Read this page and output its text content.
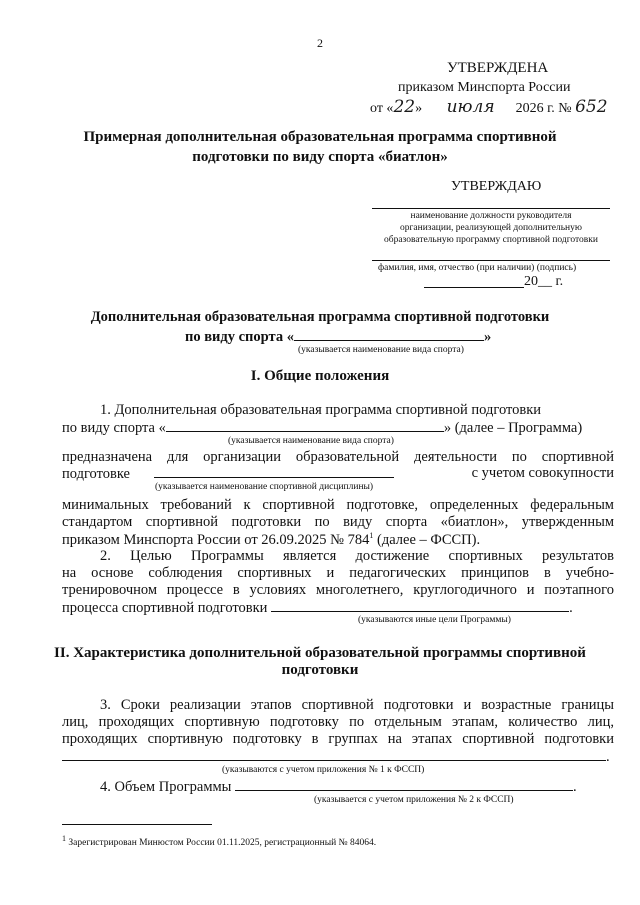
2
УТВЕРЖДЕНА
приказом Минспорта России
от «22» июля 2026 г. № 652
Примерная дополнительная образовательная программа спортивной
подготовки по виду спорта «биатлон»
УТВЕРЖДАЮ
наименование должности руководителя
организации, реализующей дополнительную
образовательную программу спортивной подготовки
фамилия, имя, отчество (при наличии) (подпись)
20__ г.
Дополнительная образовательная программа спортивной подготовки
по виду спорта «	»
(указывается наименование вида спорта)
I. Общие положения
1. Дополнительная образовательная программа спортивной подготовки
по виду спорта «	» (далее – Программа)
(указывается наименование вида спорта)
предназначена для организации образовательной деятельности по спортивной
подготовке	с учетом совокупности
(указывается наименование спортивной дисциплины)
минимальных требований к спортивной подготовке, определенных федеральным
стандартом спортивной подготовки по виду спорта «биатлон», утвержденным
приказом Минспорта России от 26.09.2025 № $784^1$ (далее – ФССП).
2. Целью Программы является достижение спортивных результатов
на основе соблюдения спортивных и педагогических принципов в учебно-
тренировочном процессе в условиях многолетнего, круглогодичного и поэтапного
процесса спортивной подготовки	.
(указываются иные цели Программы)
II. Характеристика дополнительной образовательной программы спортивной
подготовки
3. Сроки реализации этапов спортивной подготовки и возрастные границы
лиц, проходящих спортивную подготовку по отдельным этапам, количество лиц,
проходящих спортивную подготовку в группах на этапах спортивной подготовки
.
(указываются с учетом приложения № 1 к ФССП)
4. Объем Программы	.
(указывается с учетом приложения № 2 к ФССП)
$^1$ Зарегистрирован Минюстом России 01.11.2025, регистрационный № 84064.
